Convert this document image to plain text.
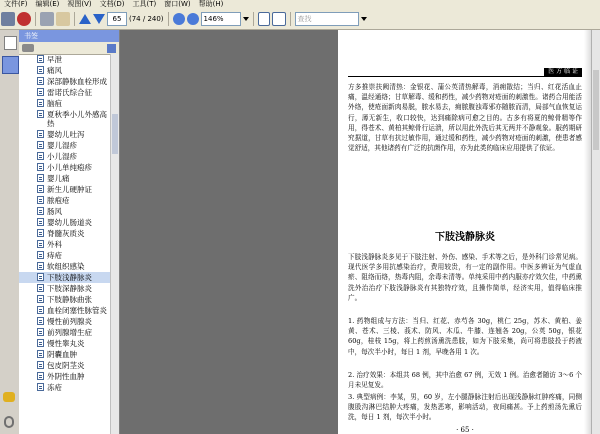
文件(F)	编辑(E)	视图(V)	文档(D)	工具(T)	窗口(W)	帮助(H)
65	(74 / 240)	146%	查找
书签
早泄
痛风
深部静脉血栓形成
雷诺氏综合征
脑疽
夏秋季小儿外感高热
婴幼儿吐泻
婴儿湿疹
小儿湿疹
小儿单纯疱疹
婴儿痛
新生儿硬肿证
脓疱疮
肠风
婴幼儿肠道炎
脊髓灰质炎
外科
痔疮
软组织感染
下肢浅静脉炎
下肢深静脉炎
下肢静脉曲张
血栓闭塞性脉管炎
慢性前列腺炎
前列腺增生症
慢性睾丸炎
阴囊血肿
包皮阴茎炎
外阴性血肿
冻疮
医 方 临 证
方多推崇扶阙清热：金银花、蒲公英清热解毒，消痈散结；当归、红花活血止痛，温经通络；甘草解毒、缓和药性，减少药物对疮面的刺激性。诸药合用能活外络，使疮面新肉易脱，脓水易去，痈脓腹浊毒邪亦随脓而清，局部气血恢复运行，薄无新生，收口较快，达到痛除病可愈之目的。古多有将夏的鲸骨精等作用，得苍术、黄柏其鲸骨行运溃，所以用此外洗后其无两并不静观象。服药期研究据道，甘草有抗过敏作用，通过缓和药性，减少药物对疮面的刺激，使患者感觉舒适，其他诸药有广泛的抗菌作用，亦为此类的临床应用提供了依证。
下肢浅静脉炎
下肢浅静脉炎多见于下肢注射、外伤、感染、手术等之后，是外科门诊常见病。现代医学多用抗感染治疗，费用较贵，有一定的副作用。中医多辨证为气虚血瘀、阻络而络，热毒内阻，余毒未清等。单纯采用中药内服亦疗效欠佳，中药熏洗外治治疗下肢浅静脉炎有其独特疗效，且操作简单，经济实用，值得临床推广。
1. 药物组成与方法：当归、红花、赤芍各 30g，桃仁 25g，苏木、黄柏、姜黄、苍术、三棱、莪术、防风、木瓜、牛膝、连翘各 20g，公英 50g，银花 60g，桂枝 15g，将上药煎汤熏洗患肢，如为下肢采集，尚可将患肢投于药液中，每次半小时，每日 1 剂，早晚各用 1 次。
2. 治疗效果：本组共 68 例，其中治愈 67 例，无效 1 例。治愈者随访 3～6 个月未见复发。
3. 典型病例：李某，男，60 岁，左小腿静脉注射后出现浅静脉红肿疼痛，同侧腹股沟淋巴结肿大疼痛，发热恶寒，影响活动，夜间痛甚。予上药煎汤先熏后洗，每日 1 剂，每次半小时。
· 65 ·
